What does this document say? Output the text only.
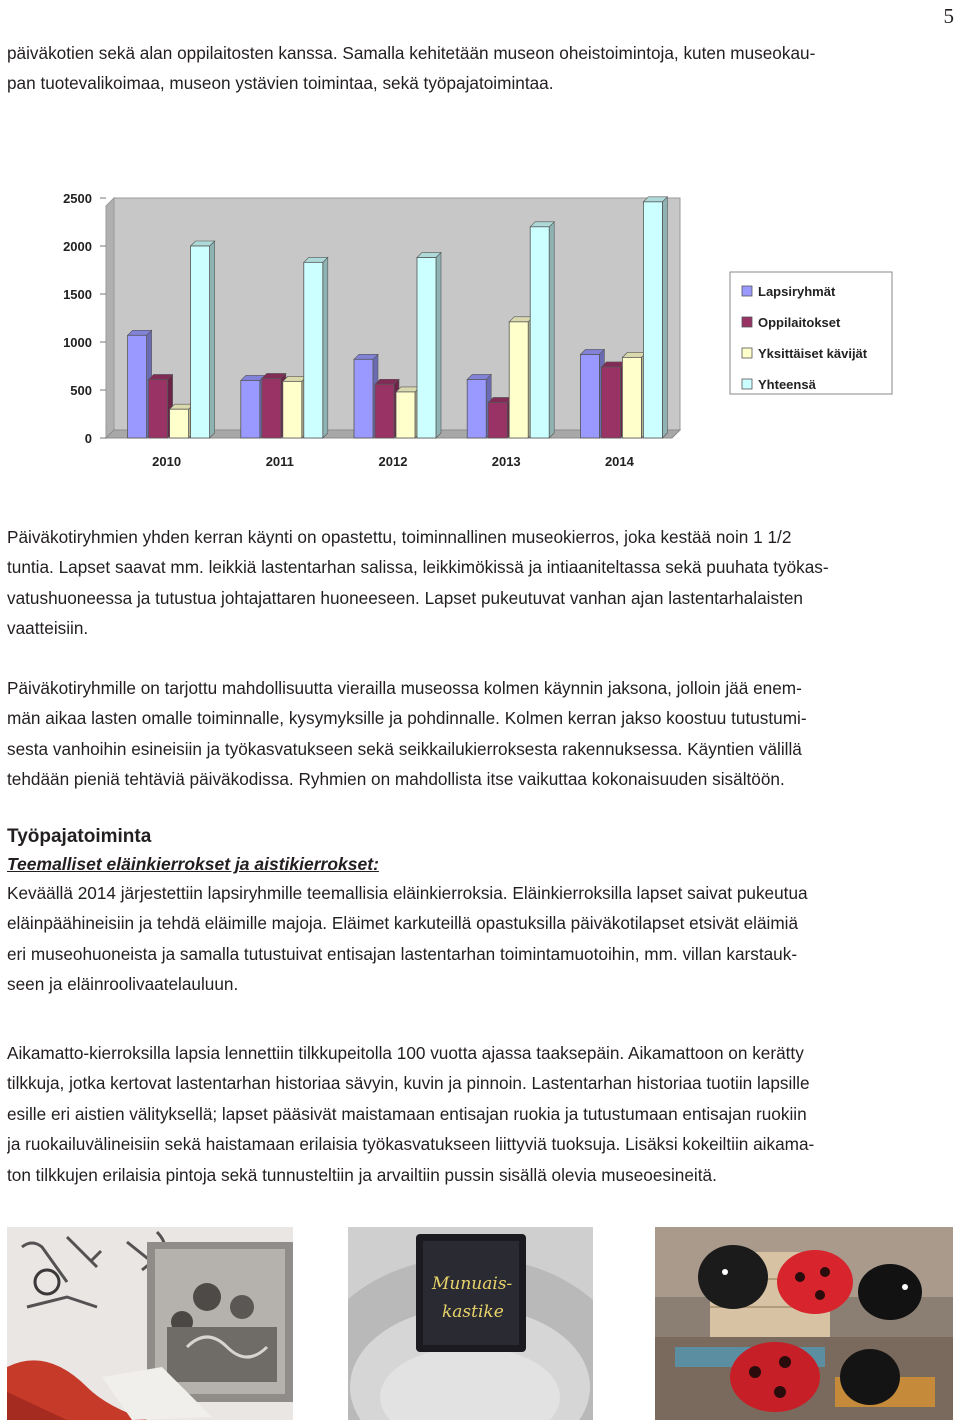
5
päiväkotien sekä alan oppilaitosten kanssa. Samalla kehitetään museon oheistoimintoja, kuten museokau-
pan tuotevalikoimaa, museon ystävien toimintaa, sekä työpajatoimintaa.
0
500
1000
1500
2000
2500
2010	2011	2012	2013	2014
Lapsiryhmät
Oppilaitokset
Yksittäiset kävijät
Yhteensä
Päiväkotiryhmien yhden kerran käynti on opastettu, toiminnallinen museokierros, joka kestää noin 1 1/2
tuntia. Lapset saavat mm. leikkiä lastentarhan salissa, leikkimökissä ja intiaaniteltassa sekä puuhata työkas-
vatushuoneessa ja tutustua johtajattaren huoneeseen. Lapset pukeutuvat vanhan ajan lastentarhalaisten
vaatteisiin.
Päiväkotiryhmille on tarjottu mahdollisuutta vierailla museossa kolmen käynnin jaksona, jolloin jää enem-
män aikaa lasten omalle toiminnalle, kysymyksille ja pohdinnalle. Kolmen kerran jakso koostuu tutustumi-
sesta vanhoihin esineisiin ja työkasvatukseen sekä seikkailukierroksesta rakennuksessa. Käyntien välillä
tehdään pieniä tehtäviä päiväkodissa. Ryhmien on mahdollista itse vaikuttaa kokonaisuuden sisältöön.
Työpajatoiminta
Teemalliset eläinkierrokset ja aistikierrokset:
Keväällä 2014 järjestettiin lapsiryhmille teemallisia eläinkierroksia. Eläinkierroksilla lapset saivat pukeutua
eläinpäähineisiin ja tehdä eläimille majoja. Eläimet karkuteillä opastuksilla päiväkotilapset etsivät eläimiä
eri museohuoneista ja samalla tutustuivat entisajan lastentarhan toimintamuotoihin, mm. villan karstauk-
seen ja eläinroolivaatelauluun.
Aikamatto-kierroksilla lapsia lennettiin tilkkupeitolla 100 vuotta ajassa taaksepäin. Aikamattoon on kerätty
tilkkuja, jotka kertovat lastentarhan historiaa sävyin, kuvin ja pinnoin. Lastentarhan historiaa tuotiin lapsille
esille eri aistien välityksellä; lapset pääsivät maistamaan entisajan ruokia ja tutustumaan entisajan ruokiin
ja ruokailuvälineisiin sekä haistamaan erilaisia työkasvatukseen liittyviä tuoksuja. Lisäksi kokeiltiin aikama-
ton tilkkujen erilaisia pintoja sekä tunnusteltiin ja arvailtiin pussin sisällä olevia museoesineitä.
Munuais-
kastike
